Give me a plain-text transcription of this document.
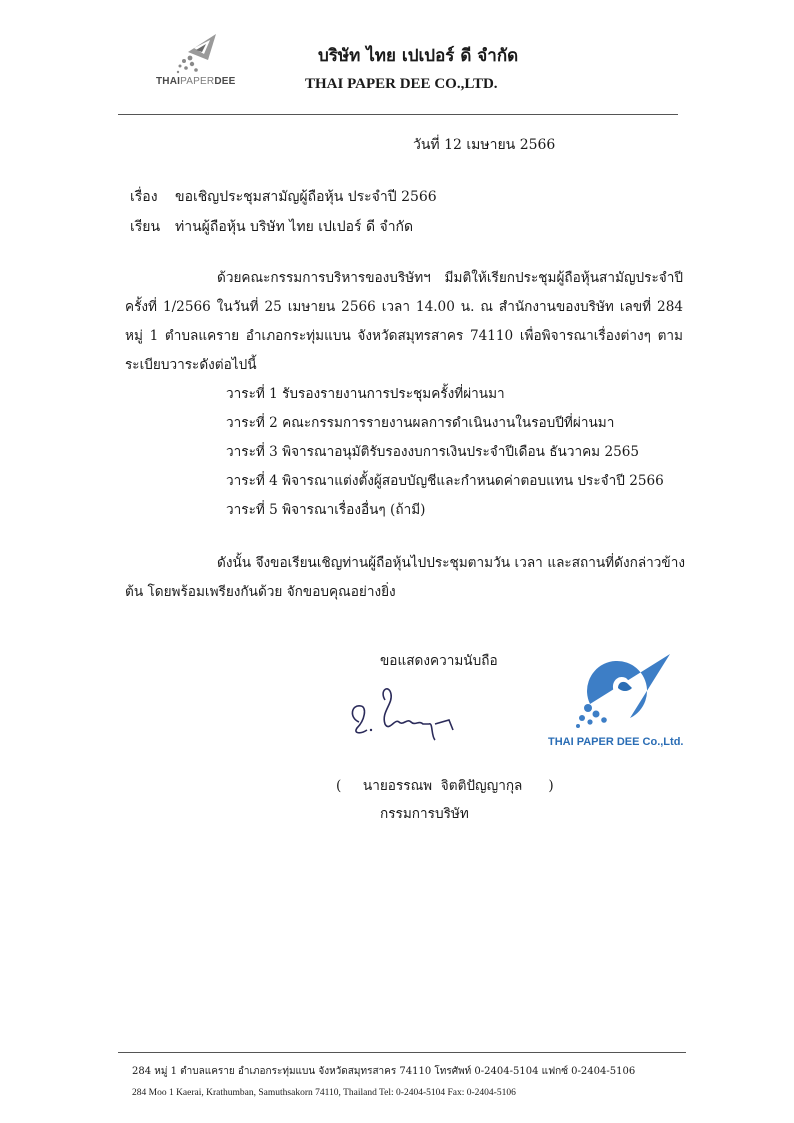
THAIPAPERDEE
บริษัท ไทย เปเปอร์ ดี จำกัด
THAI PAPER DEE CO.,LTD.
วันที่ 12 เมษายน 2566
เรื่อง ขอเชิญประชุมสามัญผู้ถือหุ้น ประจำปี 2566
เรียน ท่านผู้ถือหุ้น บริษัท ไทย เปเปอร์ ดี จำกัด
ด้วยคณะกรรมการบริหารของบริษัทฯ มีมติให้เรียกประชุมผู้ถือหุ้นสามัญประจำปี ครั้งที่ 1/2566 ในวันที่ 25 เมษายน 2566 เวลา 14.00 น. ณ สำนักงานของบริษัท เลขที่ 284 หมู่ 1 ตำบลแคราย อำเภอกระทุ่มแบน จังหวัดสมุทรสาคร 74110 เพื่อพิจารณาเรื่องต่างๆ ตามระเบียบวาระดังต่อไปนี้
วาระที่ 1 รับรองรายงานการประชุมครั้งที่ผ่านมา
วาระที่ 2 คณะกรรมการรายงานผลการดำเนินงานในรอบปีที่ผ่านมา
วาระที่ 3 พิจารณาอนุมัติรับรองงบการเงินประจำปีเดือน ธันวาคม 2565
วาระที่ 4 พิจารณาแต่งตั้งผู้สอบบัญชีและกำหนดค่าตอบแทน ประจำปี 2566
วาระที่ 5 พิจารณาเรื่องอื่นๆ (ถ้ามี)
ดังนั้น จึงขอเรียนเชิญท่านผู้ถือหุ้นไปประชุมตามวัน เวลา และสถานที่ดังกล่าวข้างต้น โดยพร้อมเพรียงกันด้วย จักขอบคุณอย่างยิ่ง
ขอแสดงความนับถือ
(     นายอรรณพ  จิตติปัญญากุล      )
กรรมการบริษัท
THAI PAPER DEE Co.,Ltd.
284 หมู่ 1 ตำบลแคราย อำเภอกระทุ่มแบน จังหวัดสมุทรสาคร 74110 โทรศัพท์ 0-2404-5104 แฟกซ์ 0-2404-5106
284 Moo 1 Kaerai, Krathumban, Samuthsakorn 74110, Thailand Tel: 0-2404-5104 Fax: 0-2404-5106
